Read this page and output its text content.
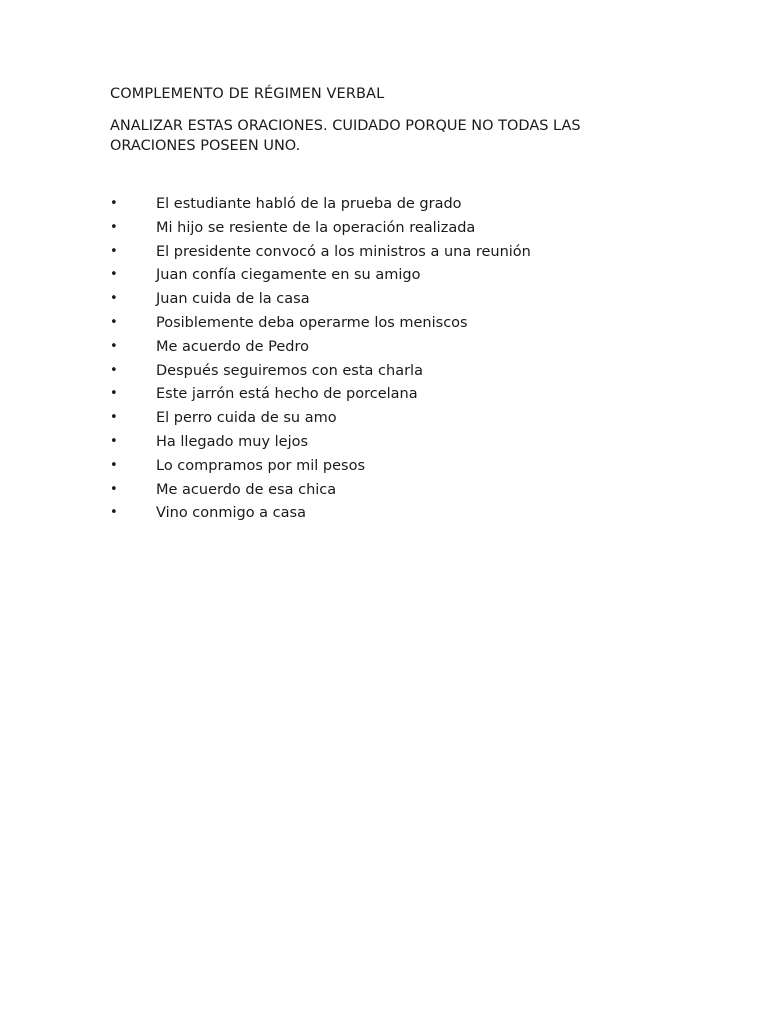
COMPLEMENTO DE RÉGIMEN VERBAL
ANALIZAR ESTAS ORACIONES. CUIDADO PORQUE NO TODAS LAS ORACIONES POSEEN UNO.
•	El estudiante habló de la prueba de grado
•	Mi hijo se resiente de la operación realizada
•	El presidente convocó a los ministros a una reunión
•	Juan confía ciegamente en su amigo
•	Juan cuida de la casa
•	Posiblemente deba operarme los meniscos
•	Me acuerdo de Pedro
•	Después seguiremos con esta charla
•	Este jarrón está hecho de porcelana
•	El perro cuida de su amo
•	Ha llegado muy lejos
•	Lo compramos por mil pesos
•	Me acuerdo de esa chica
•	Vino conmigo a casa
